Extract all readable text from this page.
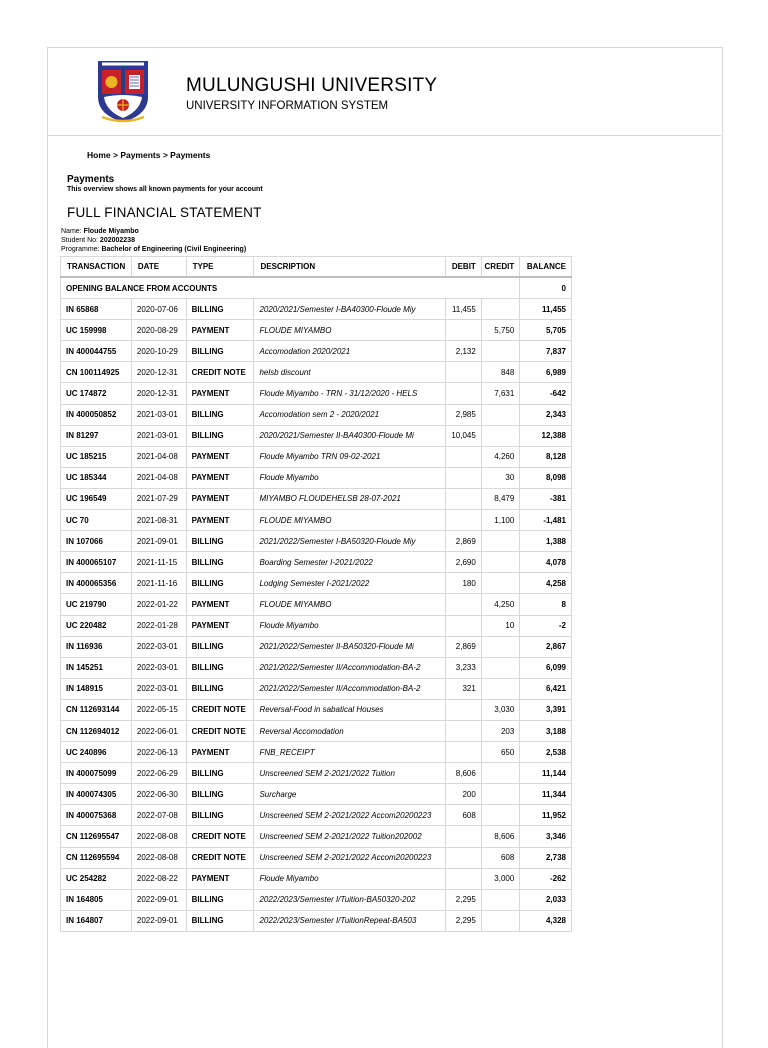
MULUNGUSHI UNIVERSITY
UNIVERSITY INFORMATION SYSTEM
Home > Payments > Payments
Payments
This overview shows all known payments for your account
FULL FINANCIAL STATEMENT
Name: Floude Miyambo
Student No: 202002238
Programme: Bachelor of Engineering (Civil Engineering)
TRANSACTION	DATE	TYPE	DESCRIPTION	DEBIT	CREDIT	BALANCE
OPENING BALANCE FROM ACCOUNTS						0
IN 65868	2020-07-06	BILLING	2020/2021/Semester I-BA40300-Floude Miy	11,455		11,455
UC 159998	2020-08-29	PAYMENT	FLOUDE MIYAMBO		5,750	5,705
IN 400044755	2020-10-29	BILLING	Accomodation 2020/2021	2,132		7,837
CN 100114925	2020-12-31	CREDIT NOTE	helsb discount		848	6,989
UC 174872	2020-12-31	PAYMENT	Floude Miyambo - TRN - 31/12/2020 - HELS		7,631	-642
IN 400050852	2021-03-01	BILLING	Accomodation sem 2 - 2020/2021	2,985		2,343
IN 81297	2021-03-01	BILLING	2020/2021/Semester II-BA40300-Floude Mi	10,045		12,388
UC 185215	2021-04-08	PAYMENT	Floude Miyambo TRN 09-02-2021		4,260	8,128
UC 185344	2021-04-08	PAYMENT	Floude Miyambo		30	8,098
UC 196549	2021-07-29	PAYMENT	MIYAMBO FLOUDEHELSB 28-07-2021		8,479	-381
UC 70	2021-08-31	PAYMENT	FLOUDE MIYAMBO		1,100	-1,481
IN 107066	2021-09-01	BILLING	2021/2022/Semester I-BA50320-Floude Miy	2,869		1,388
IN 400065107	2021-11-15	BILLING	Boarding Semester I-2021/2022	2,690		4,078
IN 400065356	2021-11-16	BILLING	Lodging Semester I-2021/2022	180		4,258
UC 219790	2022-01-22	PAYMENT	FLOUDE MIYAMBO		4,250	8
UC 220482	2022-01-28	PAYMENT	Floude Miyambo		10	-2
IN 116936	2022-03-01	BILLING	2021/2022/Semester II-BA50320-Floude Mi	2,869		2,867
IN 145251	2022-03-01	BILLING	2021/2022/Semester II/Accommodation-BA-2	3,233		6,099
IN 148915	2022-03-01	BILLING	2021/2022/Semester II/Accommodation-BA-2	321		6,421
CN 112693144	2022-05-15	CREDIT NOTE	Reversal-Food in sabatical Houses		3,030	3,391
CN 112694012	2022-06-01	CREDIT NOTE	Reversal Accomodation		203	3,188
UC 240896	2022-06-13	PAYMENT	FNB_RECEIPT		650	2,538
IN 400075099	2022-06-29	BILLING	Unscreened SEM 2-2021/2022 Tuition	8,606		11,144
IN 400074305	2022-06-30	BILLING	Surcharge	200		11,344
IN 400075368	2022-07-08	BILLING	Unscreened SEM 2-2021/2022 Accom20200223	608		11,952
CN 112695547	2022-08-08	CREDIT NOTE	Unscreened SEM 2-2021/2022 Tuition202002		8,606	3,346
CN 112695594	2022-08-08	CREDIT NOTE	Unscreened SEM 2-2021/2022 Accom20200223		608	2,738
UC 254282	2022-08-22	PAYMENT	Floude Miyambo		3,000	-262
IN 164805	2022-09-01	BILLING	2022/2023/Semester I/Tuition-BA50320-202	2,295		2,033
IN 164807	2022-09-01	BILLING	2022/2023/Semester I/TuitionRepeat-BA503	2,295		4,328
